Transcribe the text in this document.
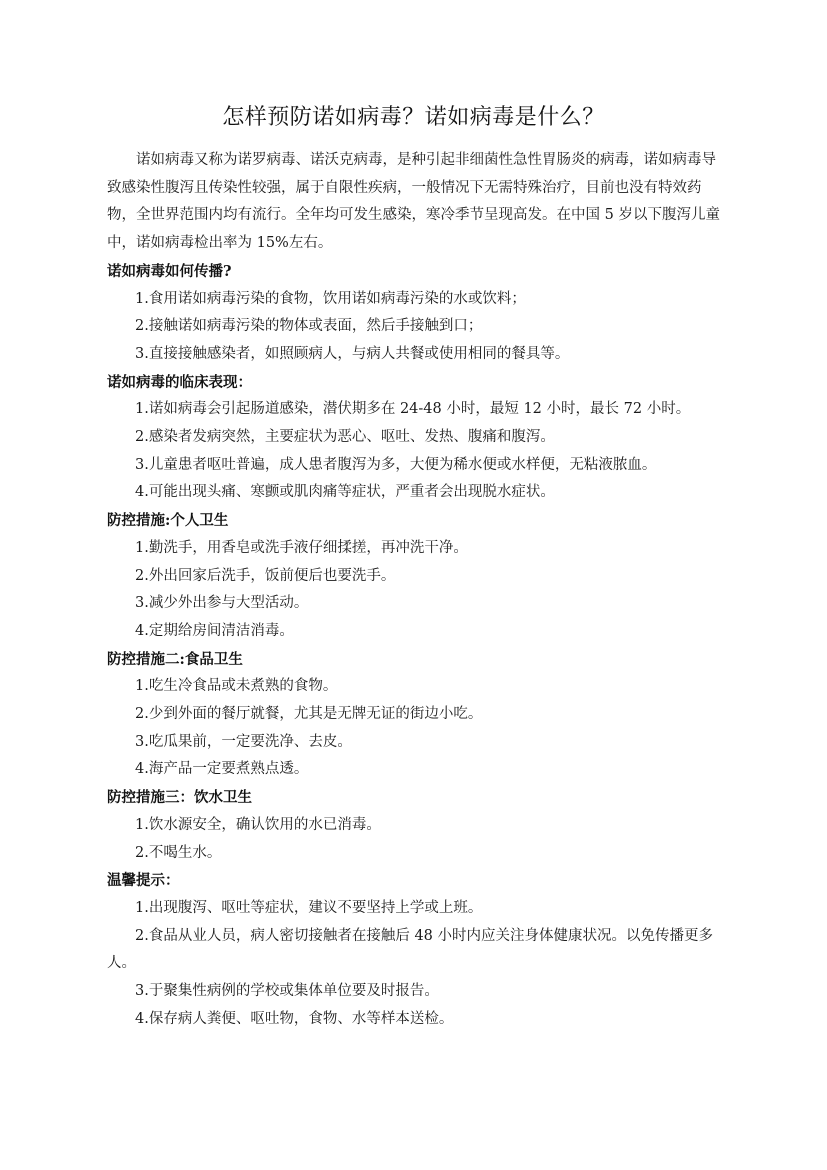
怎样预防诺如病毒？诺如病毒是什么？

诺如病毒又称为诺罗病毒、诺沃克病毒，是种引起非细菌性急性胃肠炎的病毒，诺如病毒导致感染性腹泻且传染性较强，属于自限性疾病，一般情况下无需特殊治疗，目前也没有特效药物，全世界范围内均有流行。全年均可发生感染，寒冷季节呈现高发。在中国 5 岁以下腹泻儿童中，诺如病毒检出率为 15%左右。

诺如病毒如何传播?

1.食用诺如病毒污染的食物，饮用诺如病毒污染的水或饮料；

2.接触诺如病毒污染的物体或表面，然后手接触到口；

3.直接接触感染者，如照顾病人，与病人共餐或使用相同的餐具等。

诺如病毒的临床表现：

1.诺如病毒会引起肠道感染，潜伏期多在 24-48 小时，最短 12 小时，最长 72 小时。

2.感染者发病突然，主要症状为恶心、呕吐、发热、腹痛和腹泻。

3.儿童患者呕吐普遍，成人患者腹泻为多，大便为稀水便或水样便，无粘液脓血。

4.可能出现头痛、寒颤或肌肉痛等症状，严重者会出现脱水症状。

防控措施:个人卫生

1.勤洗手，用香皂或洗手液仔细揉搓，再冲洗干净。

2.外出回家后洗手，饭前便后也要洗手。

3.减少外出参与大型活动。

4.定期给房间清洁消毒。

防控措施二:食品卫生

1.吃生冷食品或未煮熟的食物。

2.少到外面的餐厅就餐，尤其是无牌无证的街边小吃。

3.吃瓜果前，一定要洗净、去皮。

4.海产品一定要煮熟点透。

防控措施三：饮水卫生

1.饮水源安全，确认饮用的水已消毒。

2.不喝生水。

温馨提示：

1.出现腹泻、呕吐等症状，建议不要坚持上学或上班。

2.食品从业人员，病人密切接触者在接触后 48 小时内应关注身体健康状况。以免传播更多人。

3.于聚集性病例的学校或集体单位要及时报告。

4.保存病人粪便、呕吐物，食物、水等样本送检。
